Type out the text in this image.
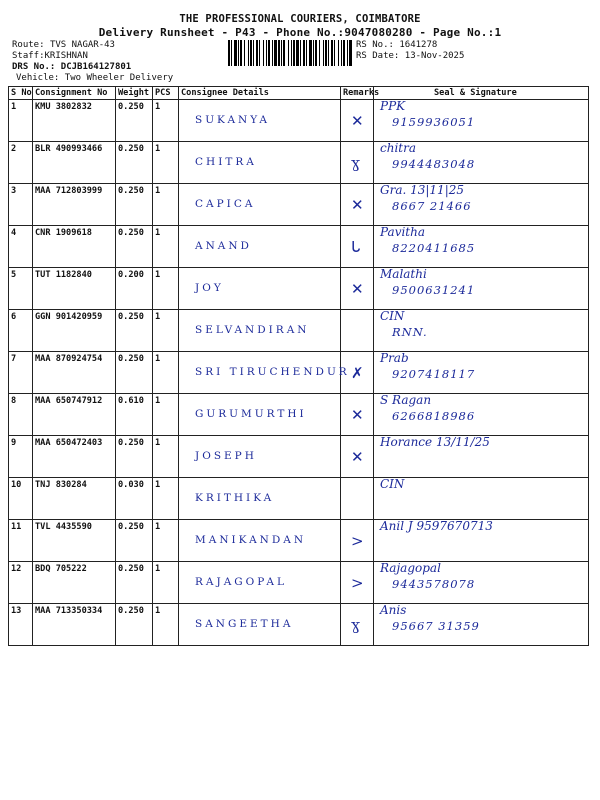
THE PROFESSIONAL COURIERS, COIMBATORE
Delivery Runsheet - P43 - Phone No.:9047080280 - Page No.:1
Route: TVS NAGAR-43
Staff:KRISHNAN
DRS No.: DCJB164127801
Vehicle: Two Wheeler Delivery
RS No.: 1641278
RS Date: 13-Nov-2025
S No	Consignment No	Weight	PCS	Consignee Details	Remarks	Seal & Signature
1	KMU 3802832	0.250	1	SUKANYA	✕	PPK
9159936051

2	BLR 490993466	0.250	1	CHITRA	ɣ	chitra
9944483048

3	MAA 712803999	0.250	1	CAPICA	✕	Gra. 13|11|25
8667 21466

4	CNR 1909618	0.250	1	ANAND	ᒐ	Pavitha
8220411685

5	TUT 1182840	0.200	1	JOY	✕	Malathi
9500631241

6	GGN 901420959	0.250	1	SELVANDIRAN		CIN
RNN.

7	MAA 870924754	0.250	1	SRI TIRUCHENDUR	✗	Prab
9207418117

8	MAA 650747912	0.610	1	GURUMURTHI	✕	S Ragan
6266818986

9	MAA 650472403	0.250	1	JOSEPH	✕	Horance 13/11/25

10	TNJ 830284	0.030	1	KRITHIKA		CIN

11	TVL 4435590	0.250	1	MANIKANDAN	>	Anil J 9597670713

12	BDQ 705222	0.250	1	RAJAGOPAL	>	Rajagopal
9443578078

13	MAA 713350334	0.250	1	SANGEETHA	ɣ	Anis
95667 31359
